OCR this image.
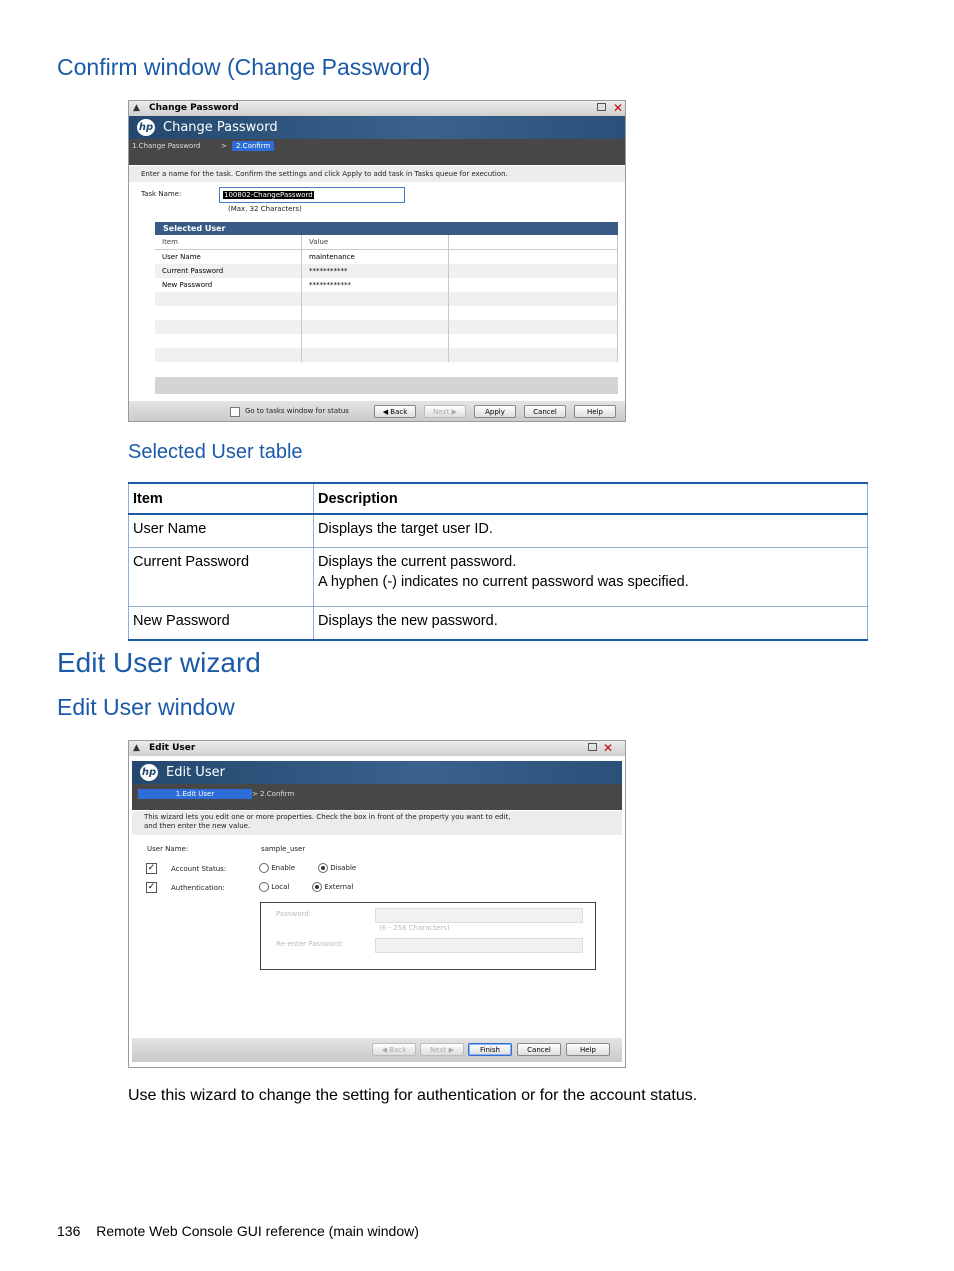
Confirm window (Change Password)
▲ Change Password	✕
hp Change Password
1.Change Password	>	2.Confirm
Enter a name for the task. Confirm the settings and click Apply to add task in Tasks queue for execution.
Task Name:	100802-ChangePassword
(Max. 32 Characters)
Selected User		
Item	Value	
User Name	maintenance	
Current Password	***********	
New Password	************	

Go to tasks window for status	◀ Back	Next ▶	Apply	Cancel	Help
Selected User table
Item	Description
User Name	Displays the target user ID.

Current Password	Displays the current password.

A hyphen (-) indicates no current password was specified.

New Password	Displays the new password.

Edit User wizard
Edit User window
▲ Edit User	✕
hp Edit User
1.Edit User	> 2.Confirm
This wizard lets you edit one or more properties. Check the box in front of the property you want to edit,
and then enter the new value.
User Name:	sample_user
✓ Account Status:	Enable	Disable
✓ Authentication:	Local	External
Password:
(6 - 256 Characters)
Re-enter Password:
◀ Back	Next ▶	Finish	Cancel	Help
Use this wizard to change the setting for authentication or for the account status.
136 Remote Web Console GUI reference (main window)
